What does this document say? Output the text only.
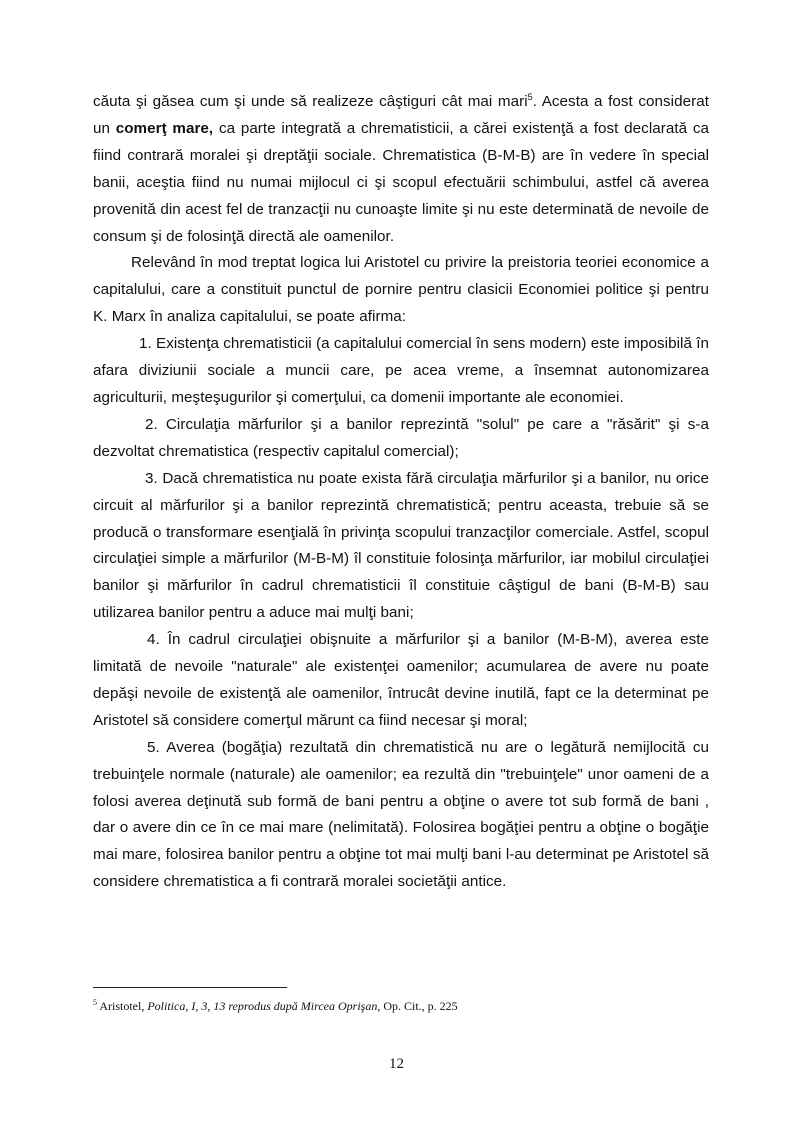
căuta şi găsea cum şi unde să realizeze câştiguri cât mai mari$^5$. Acesta a fost considerat un comerţ mare, ca parte integrată a chrematisticii, a cărei existenţă a fost declarată ca fiind contrară moralei şi dreptăţii sociale. Chrematistica (B-M-B) are în vedere în special banii, aceştia fiind nu numai mijlocul ci şi scopul efectuării schimbului, astfel că averea provenită din acest fel de tranzacţii nu cunoaşte limite şi nu este determinată de nevoile de consum şi de folosinţă directă ale oamenilor.

Relevând în mod treptat logica lui Aristotel cu privire la preistoria teoriei economice a capitalului, care a constituit punctul de pornire pentru clasicii Economiei politice şi pentru K. Marx în analiza capitalului, se poate afirma:

1. Existenţa chrematisticii (a capitalului comercial în sens modern) este imposibilă în afara diviziunii sociale a muncii care, pe acea vreme, a însemnat autonomizarea agriculturii, meşteşugurilor şi comerţului, ca domenii importante ale economiei.

2. Circulaţia mărfurilor şi a banilor reprezintă "solul" pe care a "răsărit" şi s-a dezvoltat chrematistica (respectiv capitalul comercial);

3. Dacă chrematistica nu poate exista fără circulaţia mărfurilor şi a banilor, nu orice circuit al mărfurilor şi a banilor reprezintă chrematistică; pentru aceasta, trebuie să se producă o transformare esenţială în privinţa scopului tranzacţilor comerciale. Astfel, scopul circulaţiei simple a mărfurilor (M-B-M) îl constituie folosinţa mărfurilor, iar mobilul circulaţiei banilor şi mărfurilor în cadrul chrematisticii îl constituie câştigul de bani (B-M-B) sau utilizarea banilor pentru a aduce mai mulţi bani;

4. În cadrul circulaţiei obişnuite a mărfurilor şi a banilor (M-B-M), averea este limitată de nevoile "naturale" ale existenţei oamenilor; acumularea de avere nu poate depăşi nevoile de existenţă ale oamenilor, întrucât devine inutilă, fapt ce la determinat pe Aristotel să considere comerţul mărunt ca fiind necesar şi moral;

5. Averea (bogăţia) rezultată din chrematistică nu are o legătură nemijlocită cu trebuinţele normale (naturale) ale oamenilor; ea rezultă din "trebuinţele" unor oameni de a folosi averea deţinută sub formă de bani pentru a obţine o avere tot sub formă de bani , dar o avere din ce în ce mai mare (nelimitată). Folosirea bogăţiei pentru a obţine o bogăţie mai mare, folosirea banilor pentru a obţine tot mai mulţi bani l-au determinat pe Aristotel să considere chrematistica a fi contrară moralei societăţii antice.

$^5$ Aristotel, Politica, I, 3, 13 reprodus după Mircea Oprişan, Op. Cit., p. 225
12
